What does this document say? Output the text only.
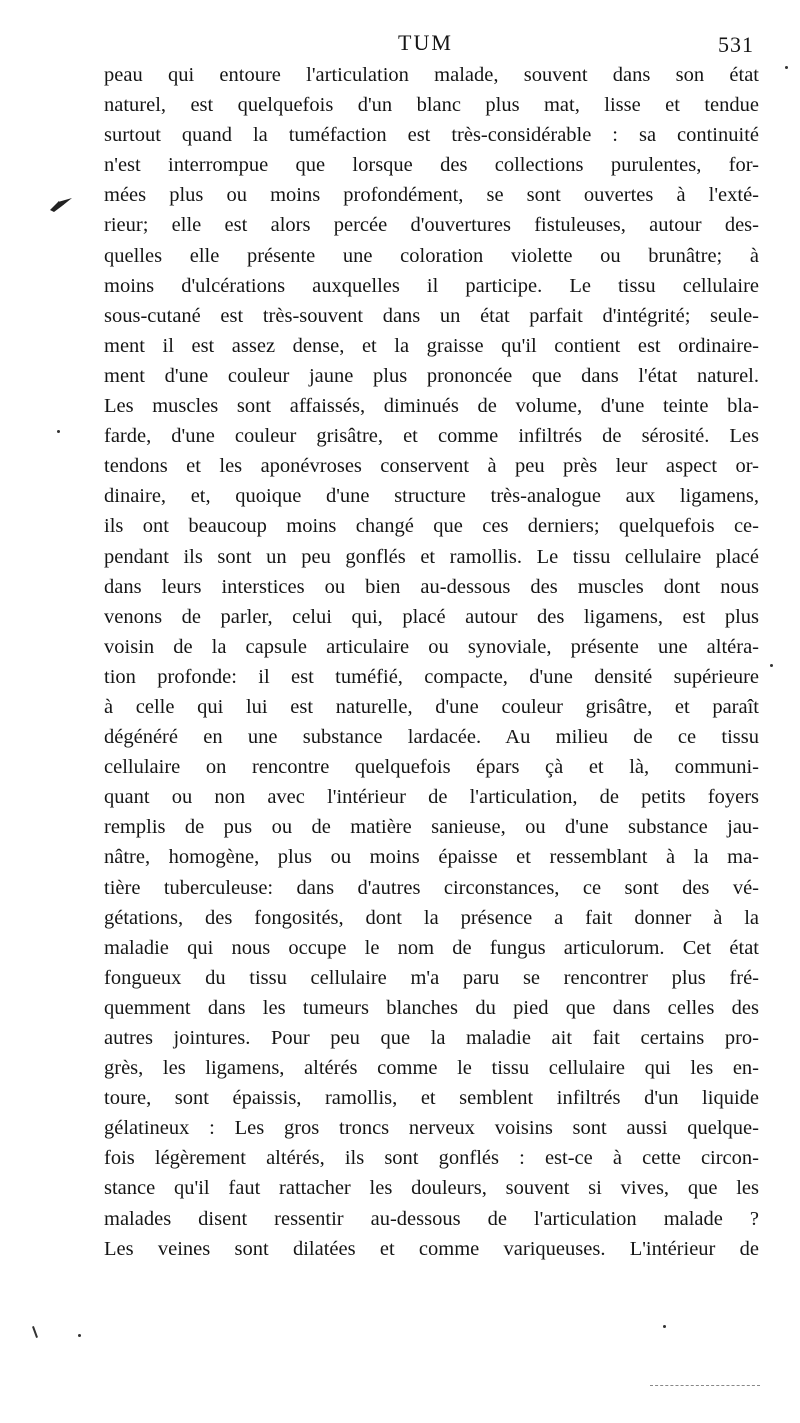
TUM	531
peau qui entoure l'articulation malade, souvent dans son état
naturel, est quelquefois d'un blanc plus mat, lisse et tendue
surtout quand la tuméfaction est très-considérable : sa continuité
n'est interrompue que lorsque des collections purulentes, for-
mées plus ou moins profondément, se sont ouvertes à l'exté-
rieur; elle est alors percée d'ouvertures fistuleuses, autour des-
quelles elle présente une coloration violette ou brunâtre; à
moins d'ulcérations auxquelles il participe. Le tissu cellulaire
sous-cutané est très-souvent dans un état parfait d'intégrité; seule-
ment il est assez dense, et la graisse qu'il contient est ordinaire-
ment d'une couleur jaune plus prononcée que dans l'état naturel.
Les muscles sont affaissés, diminués de volume, d'une teinte bla-
farde, d'une couleur grisâtre, et comme infiltrés de sérosité. Les
tendons et les aponévroses conservent à peu près leur aspect or-
dinaire, et, quoique d'une structure très-analogue aux ligamens,
ils ont beaucoup moins changé que ces derniers; quelquefois ce-
pendant ils sont un peu gonflés et ramollis. Le tissu cellulaire placé
dans leurs interstices ou bien au-dessous des muscles dont nous
venons de parler, celui qui, placé autour des ligamens, est plus
voisin de la capsule articulaire ou synoviale, présente une altéra-
tion profonde: il est tuméfié, compacte, d'une densité supérieure
à celle qui lui est naturelle, d'une couleur grisâtre, et paraît
dégénéré en une substance lardacée. Au milieu de ce tissu
cellulaire on rencontre quelquefois épars çà et là, communi-
quant ou non avec l'intérieur de l'articulation, de petits foyers
remplis de pus ou de matière sanieuse, ou d'une substance jau-
nâtre, homogène, plus ou moins épaisse et ressemblant à la ma-
tière tuberculeuse: dans d'autres circonstances, ce sont des vé-
gétations, des fongosités, dont la présence a fait donner à la
maladie qui nous occupe le nom de fungus articulorum. Cet état
fongueux du tissu cellulaire m'a paru se rencontrer plus fré-
quemment dans les tumeurs blanches du pied que dans celles des
autres jointures. Pour peu que la maladie ait fait certains pro-
grès, les ligamens, altérés comme le tissu cellulaire qui les en-
toure, sont épaissis, ramollis, et semblent infiltrés d'un liquide
gélatineux : Les gros troncs nerveux voisins sont aussi quelque-
fois légèrement altérés, ils sont gonflés : est-ce à cette circon-
stance qu'il faut rattacher les douleurs, souvent si vives, que les
malades disent ressentir au-dessous de l'articulation malade ?
Les veines sont dilatées et comme variqueuses. L'intérieur de
